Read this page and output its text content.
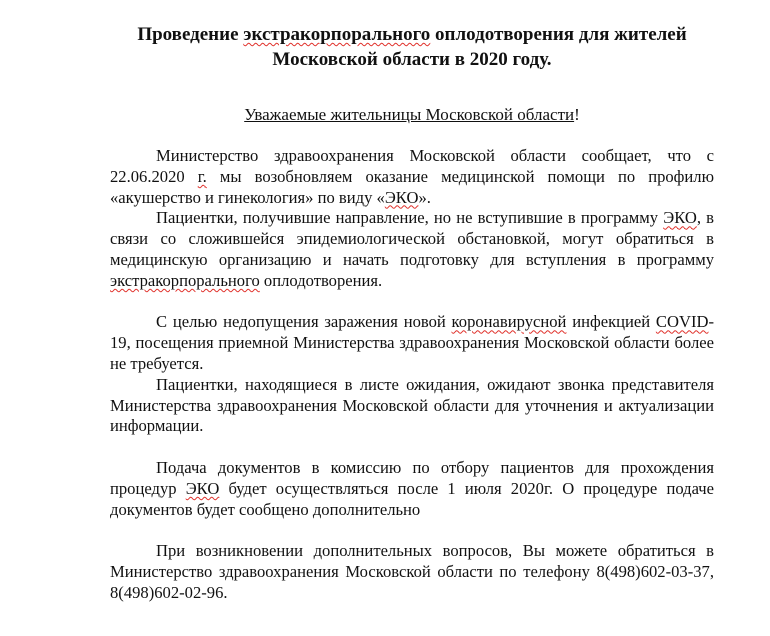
Проведение экстракорпорального оплодотворения для жителей Московской области в 2020 году.
Уважаемые жительницы Московской области!

Министерство здравоохранения Московской области сообщает, что с 22.06.2020 г. мы возобновляем оказание медицинской помощи по профилю «акушерство и гинекология» по виду «ЭКО».

Пациентки, получившие направление, но не вступившие в программу ЭКО, в связи со сложившейся эпидемиологической обстановкой, могут обратиться в медицинскую организацию и начать подготовку для вступления в программу экстракорпорального оплодотворения.

С целью недопущения заражения новой коронавирусной инфекцией COVID-19, посещения приемной Министерства здравоохранения Московской области более не требуется.

Пациентки, находящиеся в листе ожидания, ожидают звонка представителя Министерства здравоохранения Московской области для уточнения и актуализации информации.

Подача документов в комиссию по отбору пациентов для прохождения процедур ЭКО будет осуществляться после 1 июля 2020г. О процедуре подаче документов будет сообщено дополнительно

При возникновении дополнительных вопросов, Вы можете обратиться в Министерство здравоохранения Московской области по телефону 8(498)602-03-37, 8(498)602-02-96.
